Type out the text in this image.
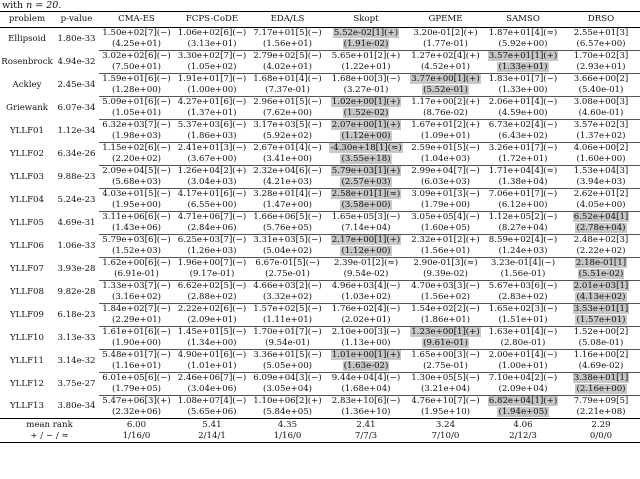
with n = 20.
problem	p-value	CMA-ES	FCPS-CoDE	EDA/LS	Skopt	GPEME	SAMSO	DRSO
Ellipsoid	1.80e-33	1.50e+02[7](−)	1.06e+02[6](−)	7.17e+01[5](−)	5.52e-02[1](+)	3.20e-01[2](+)	1.87e+01[4](≈)	2.55e+01[3]
		(4.25e+01)	(3.13e+01)	(1.56e+01)	(1.91e-02)	(1.77e-01)	(5.92e+00)	(6.57e+00)
Rosenbrock	4.94e-32	3.02e+02[6](−)	3.30e+02[7](−)	2.79e+02[5](−)	5.65e+01[2](+)	1.27e+02[4](+)	3.57e+01[1](+)	1.70e+02[3]
		(7.50e+01)	(1.05e+02)	(4.02e+01)	(1.22e+01)	(4.52e+01)	(1.33e+01)	(2.93e+01)
Ackley	2.45e-34	1.59e+01[6](−)	1.91e+01[7](−)	1.68e+01[4](−)	1.68e+00[3](−)	3.77e+00[1](+)	1.83e+01[7](−)	3.66e+00[2]
		(1.28e+00)	(1.00e+00)	(7.37e-01)	(3.27e-01)	(5.52e-01)	(1.33e+00)	(5.40e-01)
Griewank	6.07e-34	5.09e+01[6](−)	4.27e+01[6](−)	2.96e+01[5](−)	1.02e+00[1](+)	1.17e+00[2](+)	2.06e+01[4](−)	3.08e+00[3]
		(1.05e+01)	(1.37e+01)	(7.62e+00)	(1.52e-02)	(8.76e-02)	(4.59e+00)	(4.60e-01)
YLLF01	1.12e-34	6.32e+03[7](−)	5.37e+03[6](−)	3.17e+03[5](−)	2.07e+00[1](+)	1.67e+01[2](+)	6.73e+02[4](−)	3.57e+02[3]
		(1.98e+03)	(1.86e+03)	(5.92e+02)	(1.12e+00)	(1.09e+01)	(6.43e+02)	(1.37e+02)
YLLF02	6.34e-26	1.15e+02[6](−)	2.41e+01[3](−)	2.67e+01[4](−)	-4.30e+18[1](≈)	2.59e+01[5](−)	3.26e+01[7](−)	4.06e+00[2]
		(2.20e+02)	(3.67e+00)	(3.41e+00)	(3.55e+18)	(1.04e+03)	(1.72e+01)	(1.60e+00)
YLLF03	9.88e-23	2.09e+04[5](−)	1.26e+04[2](+)	2.32e+04[6](−)	5.79e+03[1](+)	2.99e+04[7](−)	1.71e+04[4](≈)	1.53e+04[3]
		(5.68e+03)	(3.04e+03)	(4.21e+03)	(2.57e+03)	(6.03e+03)	(1.38e+04)	(3.94e+03)
YLLF04	5.24e-23	4.03e+01[5](−)	4.17e+01[6](−)	3.28e+01[4](−)	2.58e+01[1](≈)	3.09e+01[3](−)	7.06e+01[7](−)	2.62e+01[2]
		(1.95e+00)	(6.55e+00)	(1.47e+00)	(3.58e+00)	(1.79e+00)	(6.12e+00)	(4.05e+00)
YLLF05	4.69e-31	3.11e+06[6](−)	4.71e+06[7](−)	1.66e+06[5](−)	1.65e+05[3](−)	3.05e+05[4](−)	1.12e+05[2](−)	6.52e+04[1]
		(1.43e+06)	(2.84e+06)	(5.76e+05)	(7.14e+04)	(1.60e+05)	(8.27e+04)	(2.78e+04)
YLLF06	1.06e-33	5.79e+03[6](−)	6.25e+03[7](−)	3.31e+03[5](−)	2.17e+00[1](+)	2.32e+01[2](+)	8.59e+02[4](−)	2.48e+02[3]
		(1.52e+03)	(1.26e+03)	(5.04e+02)	(1.12e+00)	(1.56e+01)	(1.24e+03)	(2.22e+02)
YLLF07	3.93e-28	1.62e+00[6](−)	1.96e+00[7](−)	6.67e-01[5](−)	2.39e-01[2](≈)	2.90e-01[3](≈)	3.23e-01[4](−)	2.18e-01[1]
		(6.91e-01)	(9.17e-01)	(2.75e-01)	(9.54e-02)	(9.39e-02)	(1.56e-01)	(5.51e-02)
YLLF08	9.82e-28	1.33e+03[7](−)	6.62e+02[5](−)	4.66e+03[2](−)	4.96e+03[4](−)	4.70e+03[3](−)	5.67e+03[6](−)	2.01e+03[1]
		(3.16e+02)	(2.88e+02)	(3.32e+02)	(1.03e+02)	(1.56e+02)	(2.83e+02)	(4.13e+02)
YLLF09	6.18e-23	1.84e+02[7](−)	2.22e+02[6](−)	1.57e+02[5](−)	1.76e+02[4](−)	1.54e+02[2](−)	1.65e+02[3](−)	3.53e+01[1]
		(2.29e+01)	(2.09e+01)	(1.11e+01)	(2.02e+01)	(1.86e+01)	(1.51e+01)	(1.57e+01)
YLLF10	3.13e-33	1.61e+01[6](−)	1.45e+01[5](−)	1.70e+01[7](−)	2.10e+00[3](−)	1.23e+00[1](+)	1.63e+01[4](−)	1.52e+00[2]
		(1.90e+00)	(1.34e+00)	(9.54e-01)	(1.13e+00)	(9.61e-01)	(2.80e-01)	(5.08e-01)
YLLF11	3.14e-32	5.48e+01[7](−)	4.90e+01[6](−)	3.36e+01[5](−)	1.01e+00[1](+)	1.65e+00[3](−)	2.00e+01[4](−)	1.16e+00[2]
		(1.16e+01)	(1.01e+01)	(5.05e+00)	(1.63e-02)	(2.75e-01)	(1.00e+01)	(4.69e-02)
YLLF12	3.75e-27	6.01e+05[6](−)	2.46e+06[7](−)	6.09e+04[3](−)	9.44e+04[4](−)	1.30e+05[5](−)	7.10e+04[2](−)	3.38e+01[1]
		(1.79e+05)	(3.04e+06)	(3.05e+04)	(1.68e+04)	(3.21e+04)	(2.09e+04)	(2.16e+00)
YLLF13	3.80e-34	5.47e+06[3](+)	1.08e+07[4](−)	1.10e+06[2](+)	2.83e+10[6](−)	4.76e+10[7](−)	6.82e+04[1](+)	7.79e+09[5]
		(2.32e+06)	(5.65e+06)	(5.84e+05)	(1.36e+10)	(1.95e+10)	(1.94e+05)	(2.21e+08)
mean rank		6.00	5.41	4.35	2.41	3.24	4.06	2.29
+ / − / ≈		1/16/0	2/14/1	1/16/0	7/7/3	7/10/0	2/12/3	0/0/0
